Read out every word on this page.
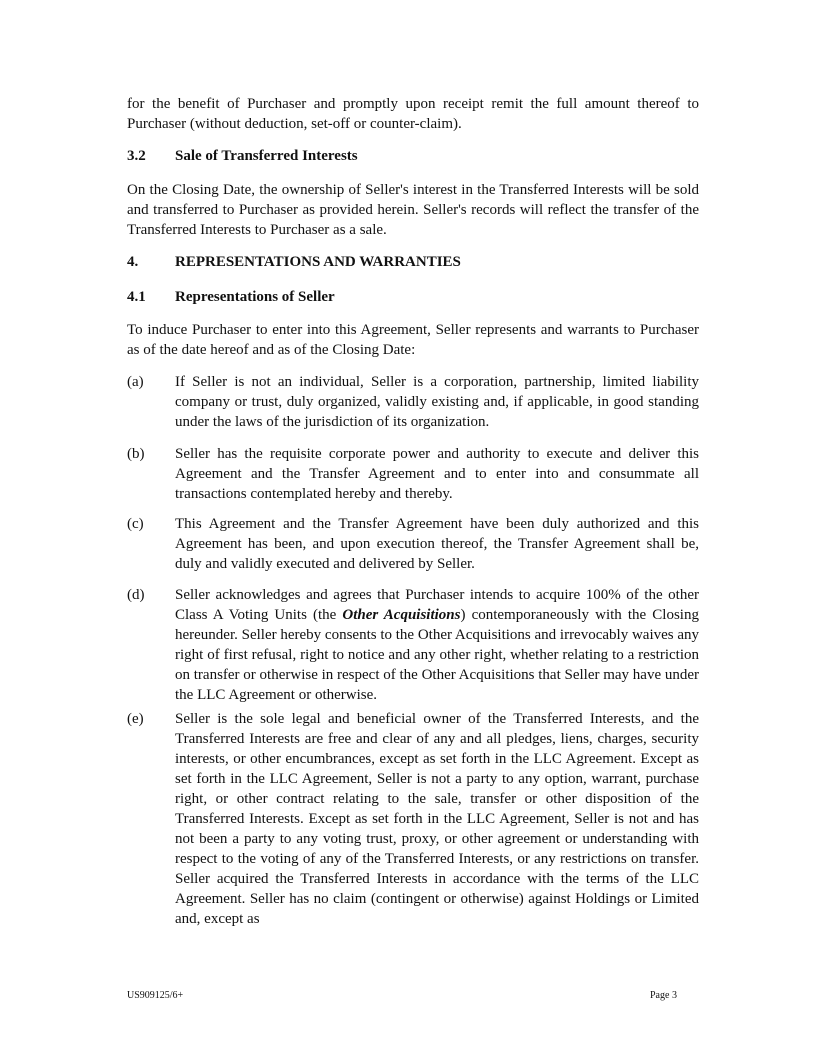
for the benefit of Purchaser and promptly upon receipt remit the full amount thereof to Purchaser (without deduction, set-off or counter-claim).

3.2 Sale of Transferred Interests

On the Closing Date, the ownership of Seller's interest in the Transferred Interests will be sold and transferred to Purchaser as provided herein. Seller's records will reflect the transfer of the Transferred Interests to Purchaser as a sale.

4. REPRESENTATIONS AND WARRANTIES
4.1 Representations of Seller

To induce Purchaser to enter into this Agreement, Seller represents and warrants to Purchaser as of the date hereof and as of the Closing Date:

(a) If Seller is not an individual, Seller is a corporation, partnership, limited liability company or trust, duly organized, validly existing and, if applicable, in good standing under the laws of the jurisdiction of its organization.

(b) Seller has the requisite corporate power and authority to execute and deliver this Agreement and the Transfer Agreement and to enter into and consummate all transactions contemplated hereby and thereby.

(c) This Agreement and the Transfer Agreement have been duly authorized and this Agreement has been, and upon execution thereof, the Transfer Agreement shall be, duly and validly executed and delivered by Seller.

(d) Seller acknowledges and agrees that Purchaser intends to acquire 100% of the other Class A Voting Units (the Other Acquisitions) contemporaneously with the Closing hereunder. Seller hereby consents to the Other Acquisitions and irrevocably waives any right of first refusal, right to notice and any other right, whether relating to a restriction on transfer or otherwise in respect of the Other Acquisitions that Seller may have under the LLC Agreement or otherwise.

(e) Seller is the sole legal and beneficial owner of the Transferred Interests, and the Transferred Interests are free and clear of any and all pledges, liens, charges, security interests, or other encumbrances, except as set forth in the LLC Agreement. Except as set forth in the LLC Agreement, Seller is not a party to any option, warrant, purchase right, or other contract relating to the sale, transfer or other disposition of the Transferred Interests. Except as set forth in the LLC Agreement, Seller is not and has not been a party to any voting trust, proxy, or other agreement or understanding with respect to the voting of any of the Transferred Interests, or any restrictions on transfer. Seller acquired the Transferred Interests in accordance with the terms of the LLC Agreement. Seller has no claim (contingent or otherwise) against Holdings or Limited and, except as

US909125/6+	Page 3
